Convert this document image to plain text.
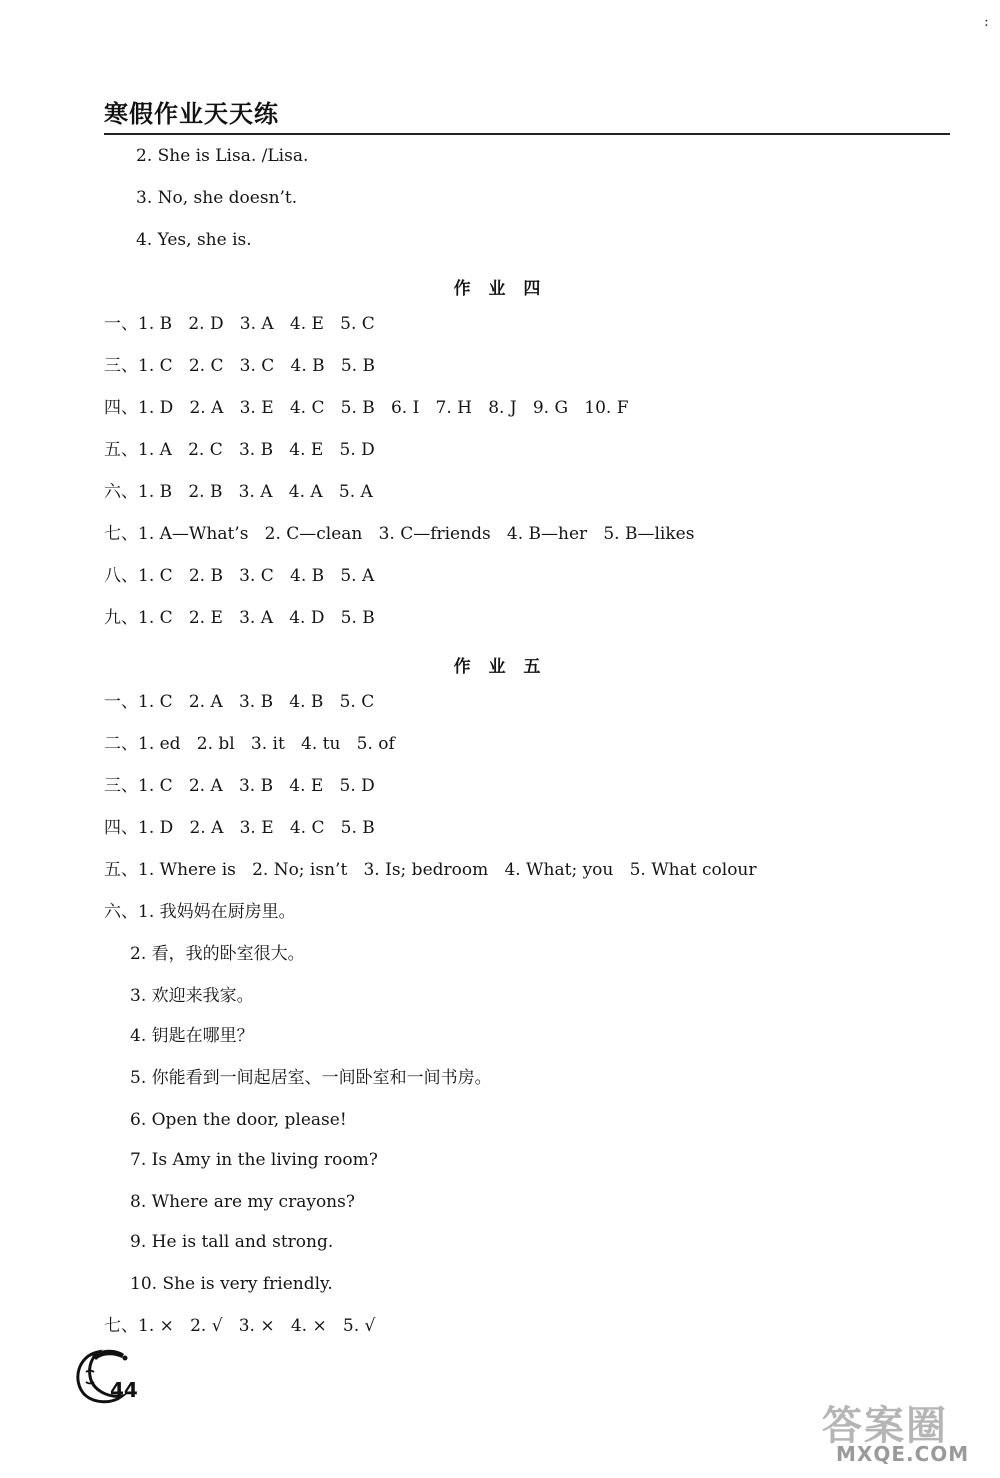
:
寒假作业天天练
2. She is Lisa. /Lisa.
3. No, she doesn’t.
4. Yes, she is.
作 业 四
一、1. B   2. D   3. A   4. E   5. C
三、1. C   2. C   3. C   4. B   5. B
四、1. D   2. A   3. E   4. C   5. B   6. I   7. H   8. J   9. G   10. F
五、1. A   2. C   3. B   4. E   5. D
六、1. B   2. B   3. A   4. A   5. A
七、1. A—What’s   2. C—clean   3. C—friends   4. B—her   5. B—likes
八、1. C   2. B   3. C   4. B   5. A
九、1. C   2. E   3. A   4. D   5. B
作 业 五
一、1. C   2. A   3. B   4. B   5. C
二、1. ed   2. bl   3. it   4. tu   5. of
三、1. C   2. A   3. B   4. E   5. D
四、1. D   2. A   3. E   4. C   5. B
五、1. Where is   2. No; isn’t   3. Is; bedroom   4. What; you   5. What colour
六、1. 我妈妈在厨房里。
2. 看，我的卧室很大。
3. 欢迎来我家。
4. 钥匙在哪里？
5. 你能看到一间起居室、一间卧室和一间书房。
6. Open the door, please!
7. Is Amy in the living room?
8. Where are my crayons?
9. He is tall and strong.
10. She is very friendly.
七、1. ×   2. √   3. ×   4. ×   5. √
44
答案圈
MXQE.COM
